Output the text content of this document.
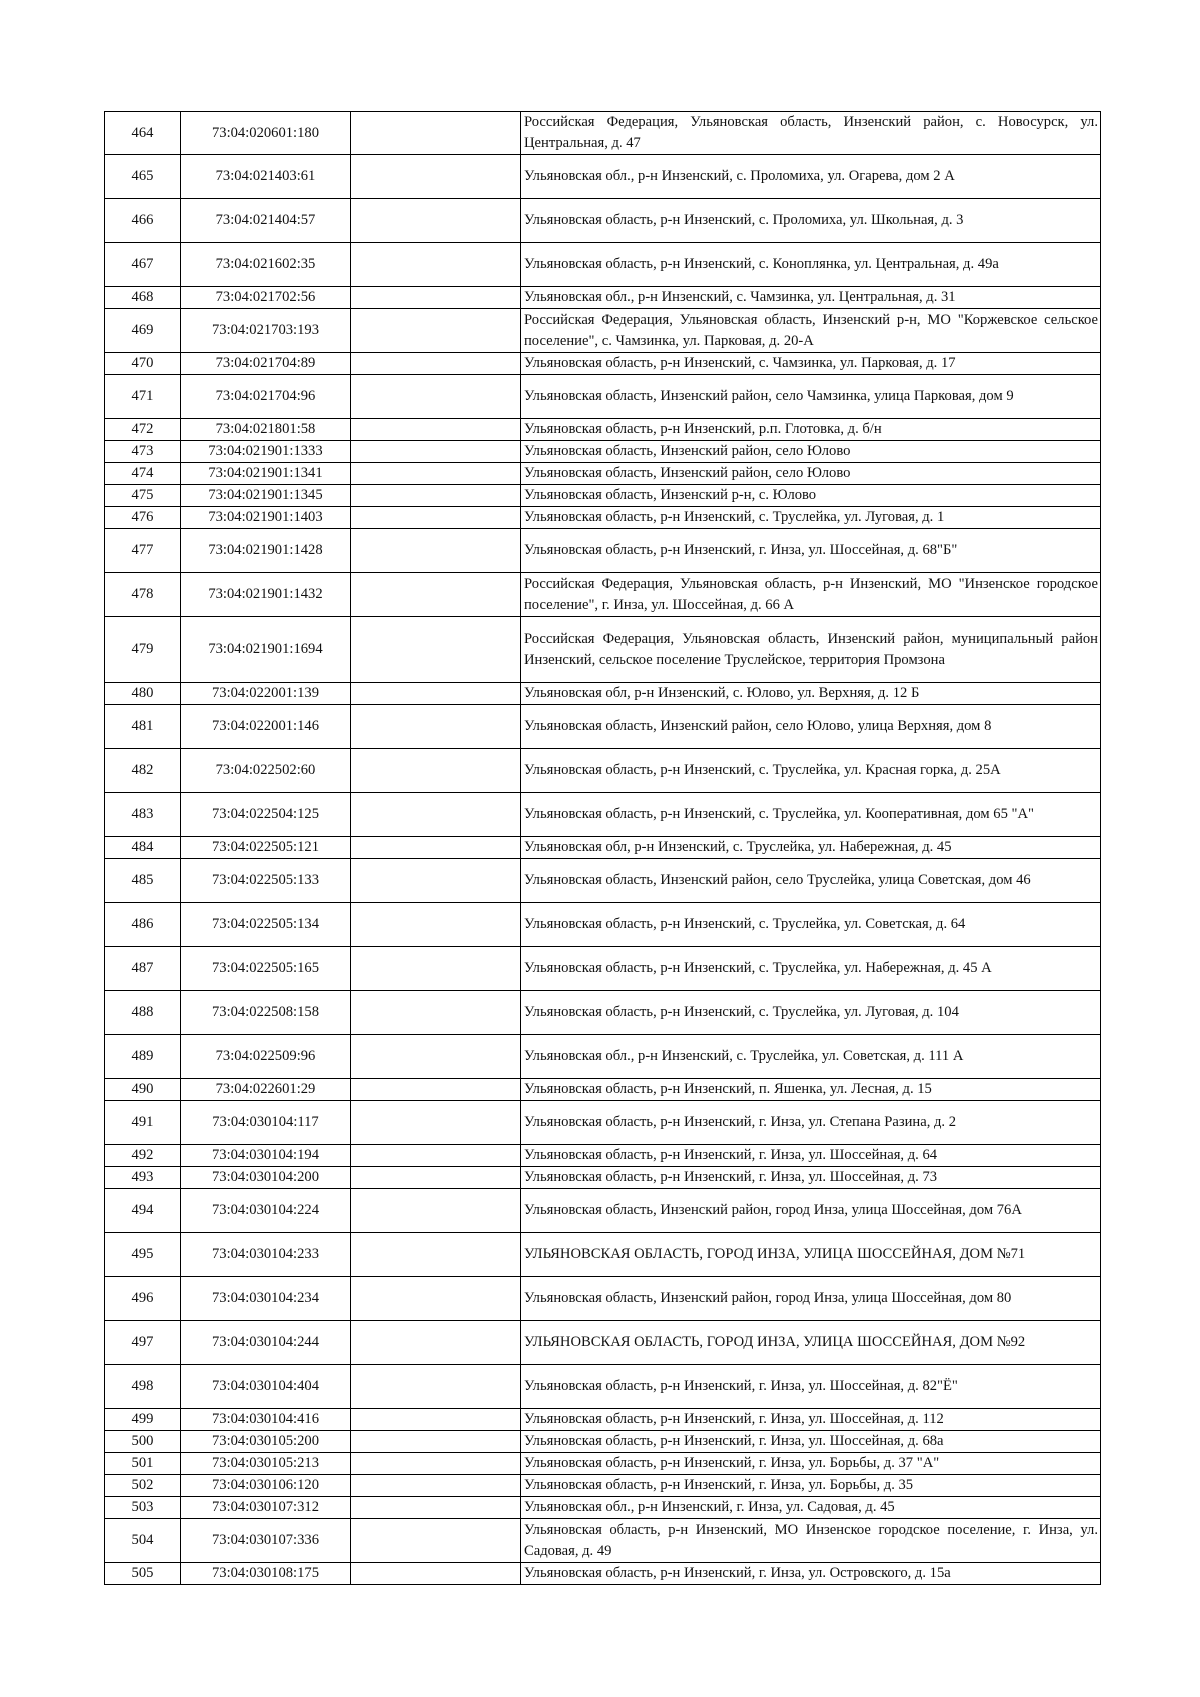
464	73:04:020601:180		Российская Федерация, Ульяновская область, Инзенский район, с. Новосурск, ул. Центральная, д. 47
465	73:04:021403:61		Ульяновская обл., р-н Инзенский, с. Проломиха, ул. Огарева, дом 2 А
466	73:04:021404:57		Ульяновская область, р-н Инзенский, с. Проломиха, ул. Школьная, д. 3
467	73:04:021602:35		Ульяновская область, р-н Инзенский, с. Коноплянка, ул. Центральная, д. 49а
468	73:04:021702:56		Ульяновская обл., р-н Инзенский, с. Чамзинка, ул. Центральная, д. 31
469	73:04:021703:193		Российская Федерация, Ульяновская область, Инзенский р-н, МО "Коржевское сельское поселение", с. Чамзинка, ул. Парковая, д. 20-А
470	73:04:021704:89		Ульяновская область, р-н Инзенский, с. Чамзинка, ул. Парковая, д. 17
471	73:04:021704:96		Ульяновская область, Инзенский район, село Чамзинка, улица Парковая, дом 9
472	73:04:021801:58		Ульяновская область, р-н Инзенский, р.п. Глотовка, д. б/н
473	73:04:021901:1333		Ульяновская область, Инзенский район, село Юлово
474	73:04:021901:1341		Ульяновская область, Инзенский район, село Юлово
475	73:04:021901:1345		Ульяновская область, Инзенский р-н, с. Юлово
476	73:04:021901:1403		Ульяновская область, р-н Инзенский, с. Труслейка, ул. Луговая, д. 1
477	73:04:021901:1428		Ульяновская область, р-н Инзенский, г. Инза, ул. Шоссейная, д. 68"Б"
478	73:04:021901:1432		Российская Федерация, Ульяновская область, р-н Инзенский, МО "Инзенское городское поселение", г. Инза, ул. Шоссейная, д. 66 А
479	73:04:021901:1694		Российская Федерация, Ульяновская область, Инзенский район, муниципальный район Инзенский, сельское поселение Труслейское, территория Промзона
480	73:04:022001:139		Ульяновская обл, р-н Инзенский, с. Юлово, ул. Верхняя, д. 12 Б
481	73:04:022001:146		Ульяновская область, Инзенский район, село Юлово, улица Верхняя, дом 8
482	73:04:022502:60		Ульяновская область, р-н Инзенский, с. Труслейка, ул. Красная горка, д. 25А
483	73:04:022504:125		Ульяновская область, р-н Инзенский, с. Труслейка, ул. Кооперативная, дом 65 "А"
484	73:04:022505:121		Ульяновская обл, р-н Инзенский, с. Труслейка, ул. Набережная, д. 45
485	73:04:022505:133		Ульяновская область, Инзенский район, село Труслейка, улица Советская, дом 46
486	73:04:022505:134		Ульяновская область, р-н Инзенский, с. Труслейка, ул. Советская, д. 64
487	73:04:022505:165		Ульяновская область, р-н Инзенский, с. Труслейка, ул. Набережная, д. 45 А
488	73:04:022508:158		Ульяновская область, р-н Инзенский, с. Труслейка, ул. Луговая, д. 104
489	73:04:022509:96		Ульяновская обл., р-н Инзенский, с. Труслейка, ул. Советская, д. 111 А
490	73:04:022601:29		Ульяновская область, р-н Инзенский, п. Яшенка, ул. Лесная, д. 15
491	73:04:030104:117		Ульяновская область, р-н Инзенский, г. Инза, ул. Степана Разина, д. 2
492	73:04:030104:194		Ульяновская область, р-н Инзенский, г. Инза, ул. Шоссейная, д. 64
493	73:04:030104:200		Ульяновская область, р-н Инзенский, г. Инза, ул. Шоссейная, д. 73
494	73:04:030104:224		Ульяновская область, Инзенский район, город Инза, улица Шоссейная, дом 76А
495	73:04:030104:233		УЛЬЯНОВСКАЯ ОБЛАСТЬ, ГОРОД ИНЗА, УЛИЦА ШОССЕЙНАЯ, ДОМ №71
496	73:04:030104:234		Ульяновская область, Инзенский район, город Инза, улица Шоссейная, дом 80
497	73:04:030104:244		УЛЬЯНОВСКАЯ ОБЛАСТЬ, ГОРОД ИНЗА, УЛИЦА ШОССЕЙНАЯ, ДОМ №92
498	73:04:030104:404		Ульяновская область, р-н Инзенский, г. Инза, ул. Шоссейная, д. 82"Ё"
499	73:04:030104:416		Ульяновская область, р-н Инзенский, г. Инза, ул. Шоссейная, д. 112
500	73:04:030105:200		Ульяновская область, р-н Инзенский, г. Инза, ул. Шоссейная, д. 68а
501	73:04:030105:213		Ульяновская область, р-н Инзенский, г. Инза, ул. Борьбы, д. 37 "А"
502	73:04:030106:120		Ульяновская область, р-н Инзенский, г. Инза, ул. Борьбы, д. 35
503	73:04:030107:312		Ульяновская обл., р-н Инзенский, г. Инза, ул. Садовая, д. 45
504	73:04:030107:336		Ульяновская область, р-н Инзенский, МО Инзенское городское поселение, г. Инза, ул. Садовая, д. 49
505	73:04:030108:175		Ульяновская область, р-н Инзенский, г. Инза, ул. Островского, д. 15а
